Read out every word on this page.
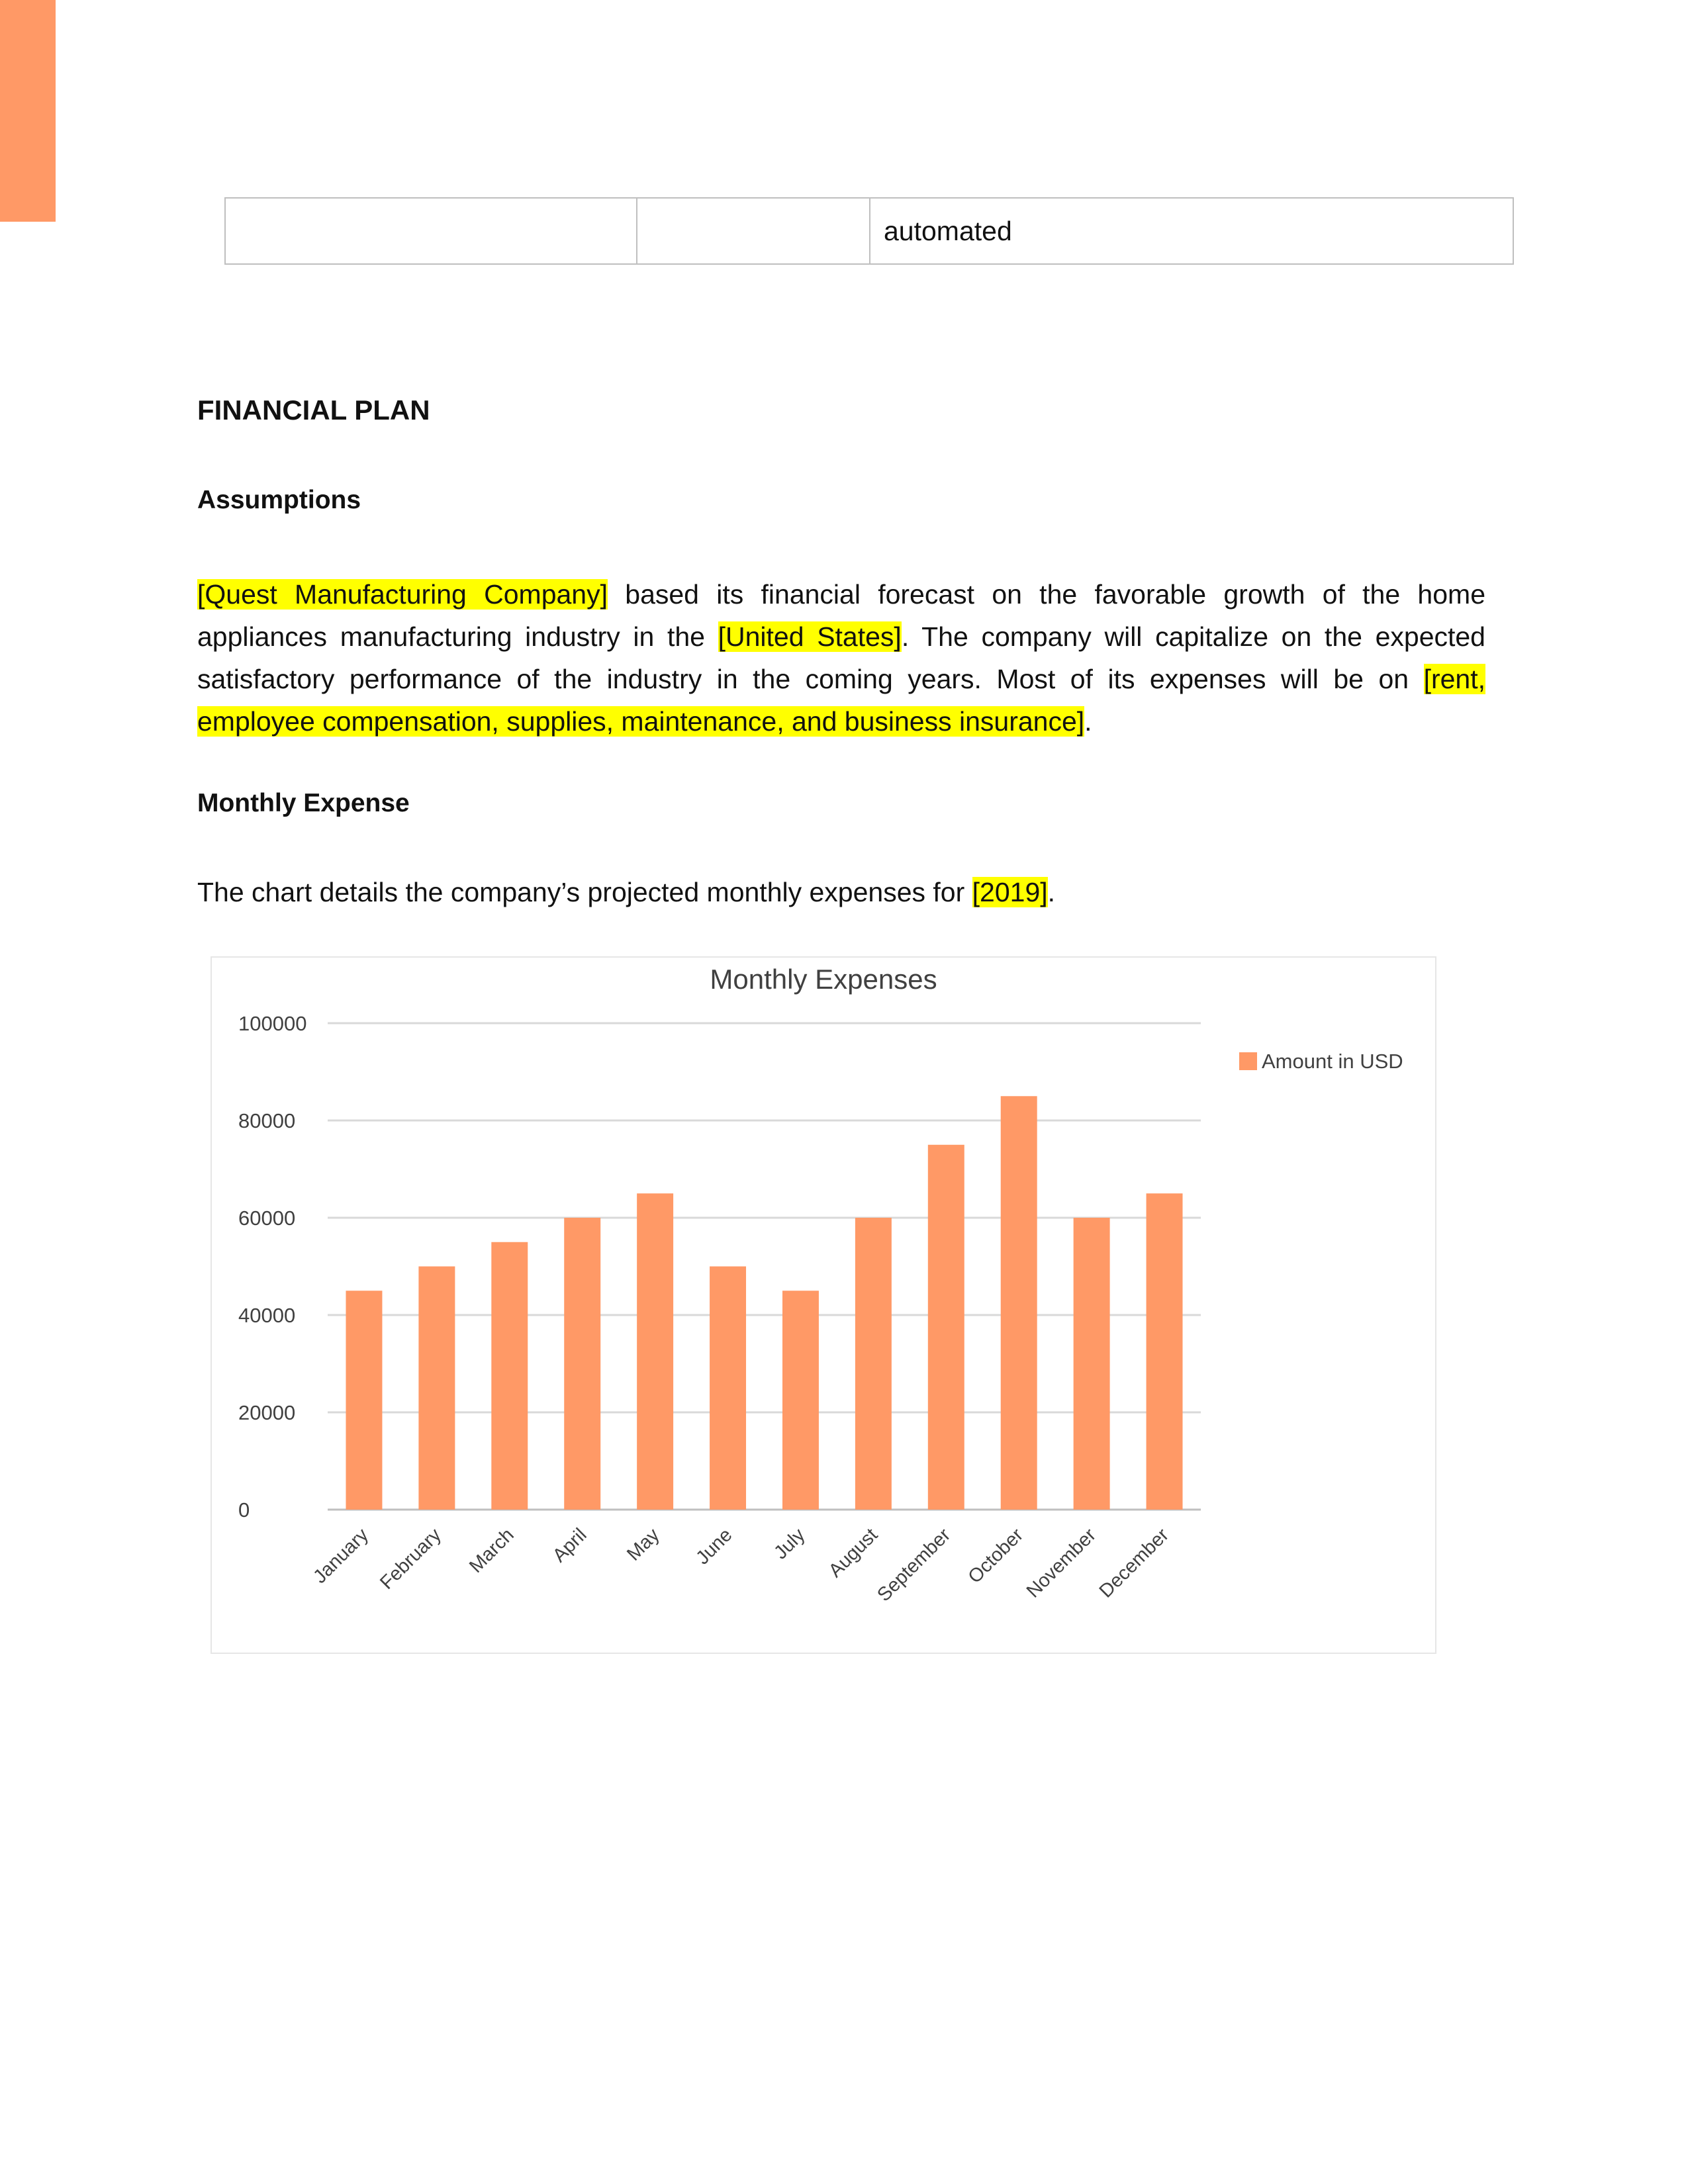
		automated
FINANCIAL PLAN
Assumptions

[Quest Manufacturing Company] based its financial forecast on the favorable growth of the home appliances manufacturing industry in the [United States]. The company will capitalize on the expected satisfactory performance of the industry in the coming years. Most of its expenses will be on [rent, employee compensation, supplies, maintenance, and business insurance].

Monthly Expense

The chart details the company’s projected monthly expenses for [2019].

Monthly Expenses
0
20000
40000
60000
80000
100000
January February March April May June July August
September October
November
December
Amount in USD
